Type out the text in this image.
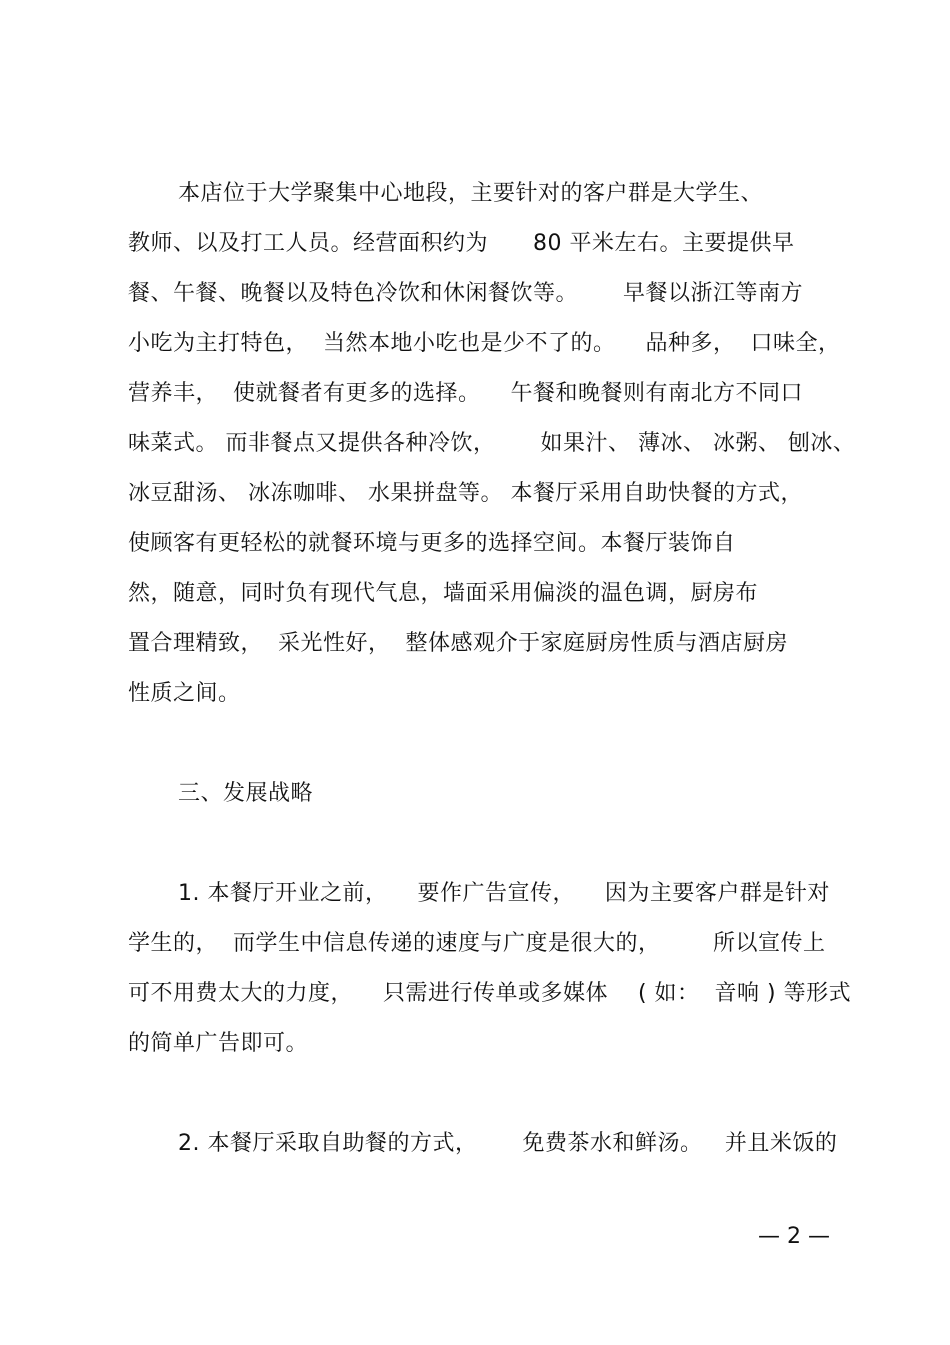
本店位于大学聚集中心地段，主要针对的客户群是大学生、
教师、以及打工人员。经营面积约为      80 平米左右。主要提供早
餐、午餐、晚餐以及特色冷饮和休闲餐饮等。      早餐以浙江等南方
小吃为主打特色，  当然本地小吃也是少不了的。    品种多，  口味全，
营养丰，  使就餐者有更多的选择。    午餐和晚餐则有南北方不同口
味菜式。 而非餐点又提供各种冷饮，      如果汁、 薄冰、 冰粥、 刨冰、
冰豆甜汤、 冰冻咖啡、 水果拼盘等。 本餐厅采用自助快餐的方式，
使顾客有更轻松的就餐环境与更多的选择空间。本餐厅装饰自
然，随意，同时负有现代气息，墙面采用偏淡的温色调，厨房布
置合理精致，  采光性好，  整体感观介于家庭厨房性质与酒店厨房
性质之间。
三、发展战略
1. 本餐厅开业之前，    要作广告宣传，    因为主要客户群是针对
学生的，  而学生中信息传递的速度与广度是很大的，       所以宣传上
可不用费太大的力度，    只需进行传单或多媒体    ( 如：  音响 ) 等形式
的简单广告即可。
2. 本餐厅采取自助餐的方式，      免费茶水和鲜汤。   并且米饭的
— 2 —
